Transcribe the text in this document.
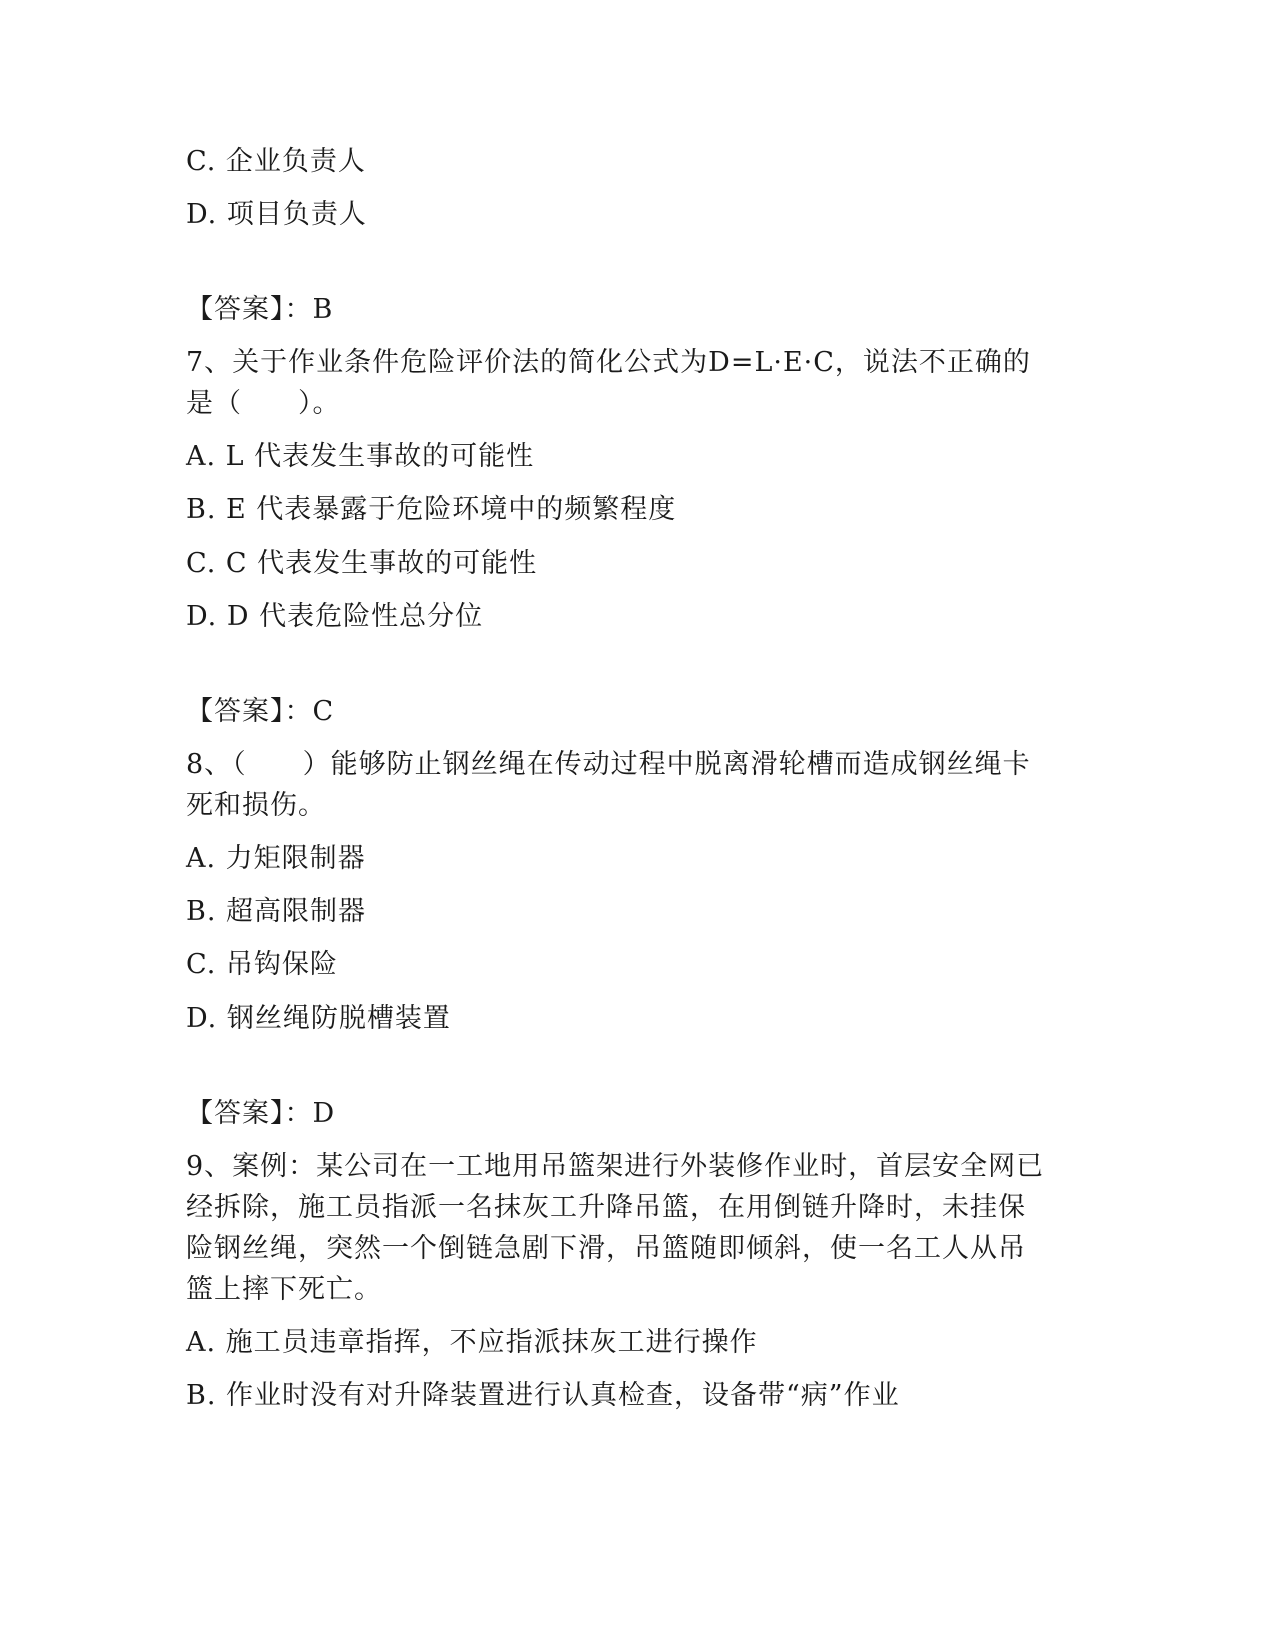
C. 企业负责人
D. 项目负责人
【答案】：B
7、关于作业条件危险评价法的简化公式为D=L·E·C，说法不正确的
是（　　）。
A. L 代表发生事故的可能性
B. E 代表暴露于危险环境中的频繁程度
C. C 代表发生事故的可能性
D. D 代表危险性总分位
【答案】：C
8、（　　）能够防止钢丝绳在传动过程中脱离滑轮槽而造成钢丝绳卡
死和损伤。
A. 力矩限制器
B. 超高限制器
C. 吊钩保险
D. 钢丝绳防脱槽装置
【答案】：D
9、案例：某公司在一工地用吊篮架进行外装修作业时，首层安全网已
经拆除，施工员指派一名抹灰工升降吊篮，在用倒链升降时，未挂保
险钢丝绳，突然一个倒链急剧下滑，吊篮随即倾斜，使一名工人从吊
篮上摔下死亡。
A. 施工员违章指挥，不应指派抹灰工进行操作
B. 作业时没有对升降装置进行认真检查，设备带“病”作业
